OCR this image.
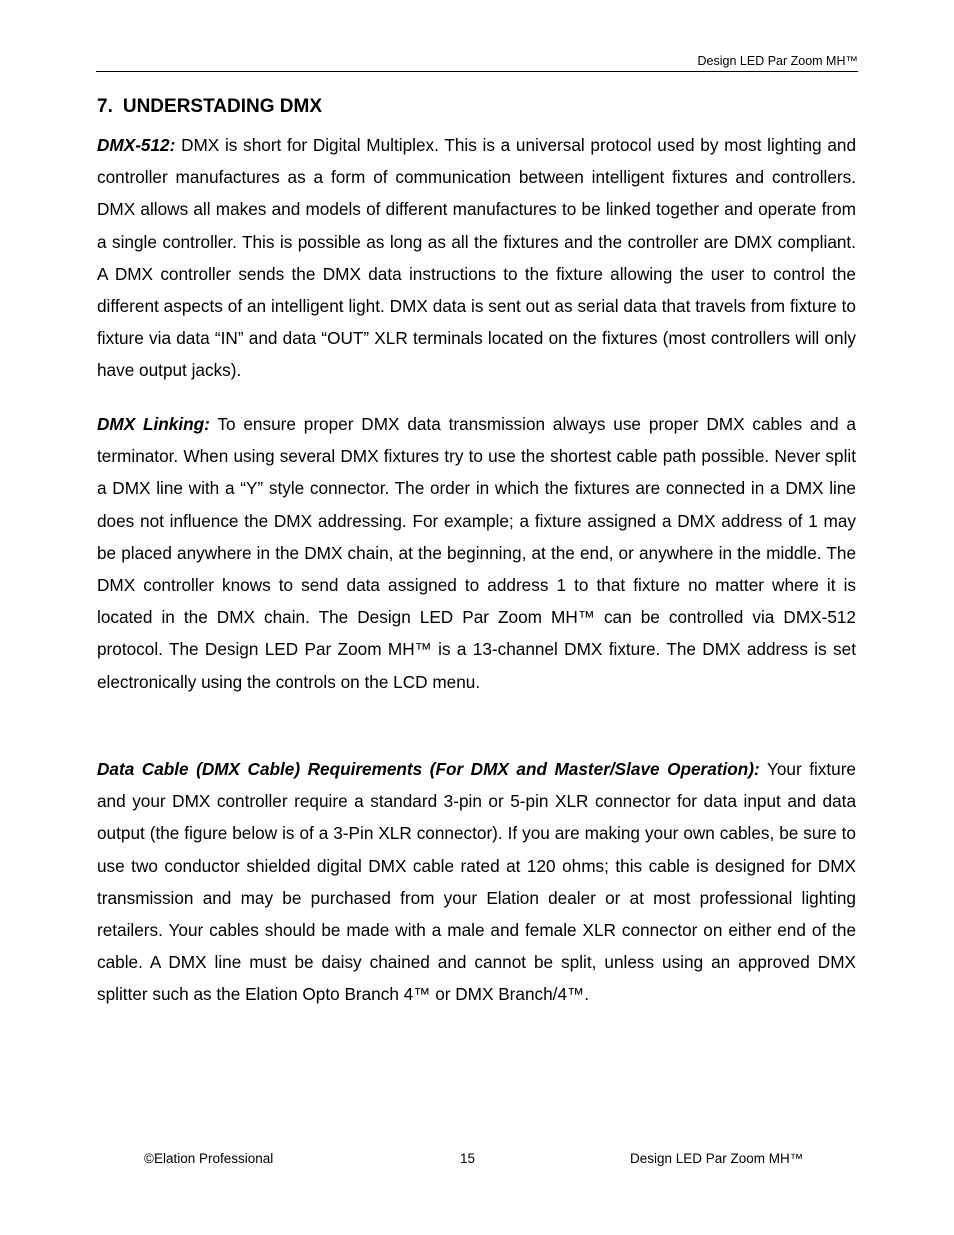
Design LED Par Zoom MH™
7. UNDERSTADING DMX

DMX-512: DMX is short for Digital Multiplex. This is a universal protocol used by most lighting and controller manufactures as a form of communication between intelligent fixtures and controllers. DMX allows all makes and models of different manufactures to be linked together and operate from a single controller. This is possible as long as all the fixtures and the controller are DMX compliant. A DMX controller sends the DMX data instructions to the fixture allowing the user to control the different aspects of an intelligent light. DMX data is sent out as serial data that travels from fixture to fixture via data “IN” and data “OUT” XLR terminals located on the fixtures (most controllers will only have output jacks).

DMX Linking: To ensure proper DMX data transmission always use proper DMX cables and a terminator. When using several DMX fixtures try to use the shortest cable path possible. Never split a DMX line with a “Y” style connector. The order in which the fixtures are connected in a DMX line does not influence the DMX addressing. For example; a fixture assigned a DMX address of 1 may be placed anywhere in the DMX chain, at the beginning, at the end, or anywhere in the middle. The DMX controller knows to send data assigned to address 1 to that fixture no matter where it is located in the DMX chain. The Design LED Par Zoom MH™ can be controlled via DMX-512 protocol. The Design LED Par Zoom MH™ is a 13-channel DMX fixture. The DMX address is set electronically using the controls on the LCD menu.

Data Cable (DMX Cable) Requirements (For DMX and Master/Slave Operation): Your fixture and your DMX controller require a standard 3-pin or 5-pin XLR connector for data input and data output (the figure below is of a 3-Pin XLR connector). If you are making your own cables, be sure to use two conductor shielded digital DMX cable rated at 120 ohms; this cable is designed for DMX transmission and may be purchased from your Elation dealer or at most professional lighting retailers. Your cables should be made with a male and female XLR connector on either end of the cable. A DMX line must be daisy chained and cannot be split, unless using an approved DMX splitter such as the Elation Opto Branch 4™ or DMX Branch/4™.

©Elation Professional	15	Design LED Par Zoom MH™
